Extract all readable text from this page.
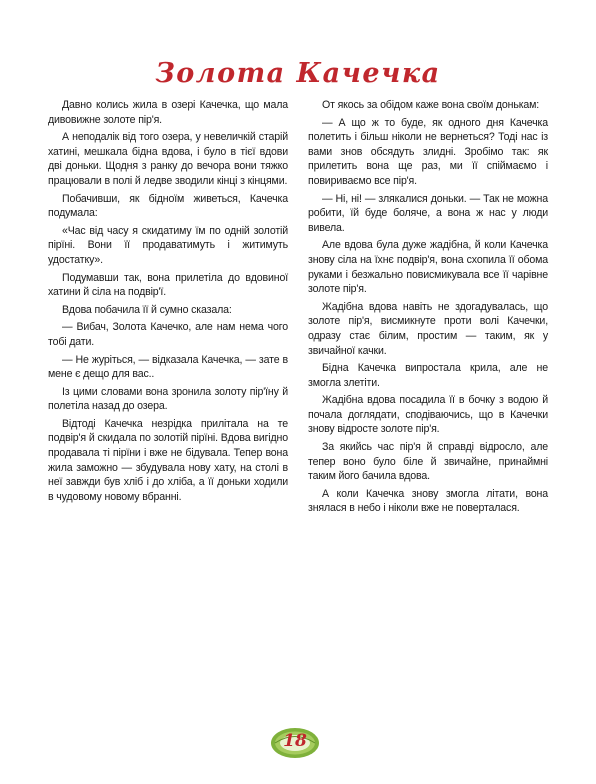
Золота Качечка

Давно колись жила в озері Качечка, що мала дивовижне золоте пір'я.

А неподалік від того озера, у невеличкій старій хатині, мешкала бідна вдова, і було в тієї вдови дві доньки. Щодня з ранку до вечора вони тяжко працювали в полі й ледве зводили кінці з кінцями.

Побачивши, як бідноїм живеться, Качечка подумала:

«Час від часу я скидатиму їм по одній золотій пірїні. Вони її продаватимуть і житимуть удостатку».

Подумавши так, вона прилетіла до вдовиної хатини й сіла на подвір'ї.

Вдова побачила її й сумно сказала:

— Вибач, Золота Качечко, але нам нема чого тобі дати.

— Не журіться, — відказала Качечка, — зате в мене є дещо для вас..

Із цими словами вона зронила золоту пір'їну й полетіла назад до озера.

Відтоді Качечка незрідка прилітала на те подвір'я й скидала по золотій пірїні. Вдова вигідно продавала ті пірїни і вже не бідувала. Тепер вона жила заможно — збудувала нову хату, на столі в неї завжди був хліб і до хліба, а її доньки ходили в чудовому новому вбранні.

От якось за обідом каже вона своїм донькам:

— А що ж то буде, як одного дня Качечка полетить і більш ніколи не вернеться? Тоді нас із вами знов обсядуть злидні. Зробімо так: як прилетить вона ще раз, ми її спіймаємо і повириваємо все пір'я.

— Ні, ні! — злякалися доньки. — Так не можна робити, їй буде боляче, а вона ж нас у люди вивела.

Але вдова була дуже жадібна, й коли Качечка знову сіла на їхнє подвір'я, вона схопила її обома руками і безжально повисмикувала все її чарівне золоте пір'я.

Жадібна вдова навіть не здогадувалась, що золоте пір'я, висмикнуте проти волі Качечки, одразу стає білим, простим — таким, як у звичайної качки.

Бідна Качечка випростала крила, але не змогла злетіти.

Жадібна вдова посадила її в бочку з водою й почала доглядати, сподіваючись, що в Качечки знову відросте золоте пір'я.

За якийсь час пір'я й справді відросло, але тепер воно було біле й звичайне, принаймні таким його бачила вдова.

А коли Качечка знову змогла літати, вона знялася в небо і ніколи вже не поверталася.

18
